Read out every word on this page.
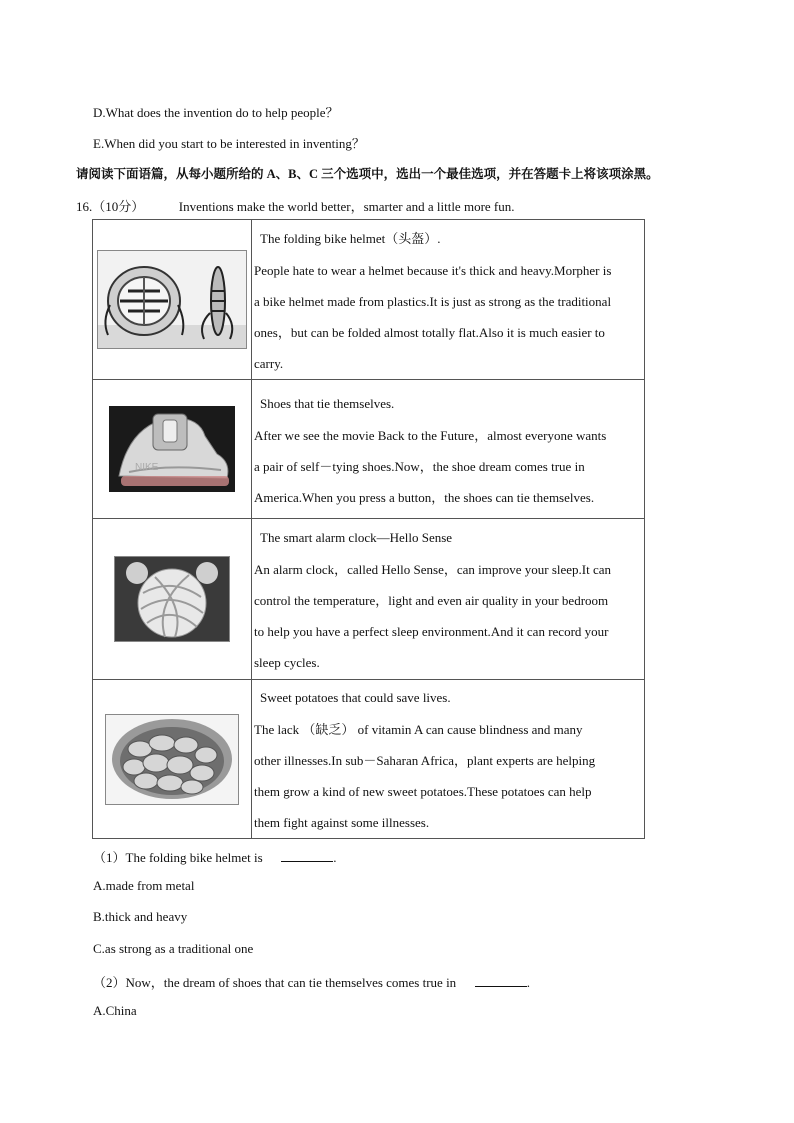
D.What does the invention do to help people？
E.When did you start to be interested in inventing？
请阅读下面语篇，从每小题所给的 A、B、C 三个选项中，选出一个最佳选项，并在答题卡上将该项涂黑。
16.（10分）	Inventions make the world better，smarter and a little more fun.

The folding bike helmet（头盔）.
People hate to wear a helmet because it's thick and heavy.Morpher is
a bike helmet made from plastics.It is just as strong as the traditional
ones，but can be folded almost totally flat.Also it is much easier to
carry.

NIKE	Shoes that tie themselves.
After we see the movie Back to the Future，almost everyone wants
a pair of self－tying shoes.Now，the shoe dream comes true in
America.When you press a button，the shoes can tie themselves.

The smart alarm clock—Hello Sense
An alarm clock，called Hello Sense，can improve your sleep.It can
control the temperature，light and even air quality in your bedroom
to help you have a perfect sleep environment.And it can record your
sleep cycles.

Sweet potatoes that could save lives.
The lack （缺乏） of vitamin A can cause blindness and many
other illnesses.In sub－Saharan Africa，plant experts are helping
them grow a kind of new sweet potatoes.These potatoes can help
them fight against some illnesses.
（1）The folding bike helmet is	.
A.made from metal
B.thick and heavy
C.as strong as a traditional one
（2）Now，the dream of shoes that can tie themselves comes true in	.
A.China
